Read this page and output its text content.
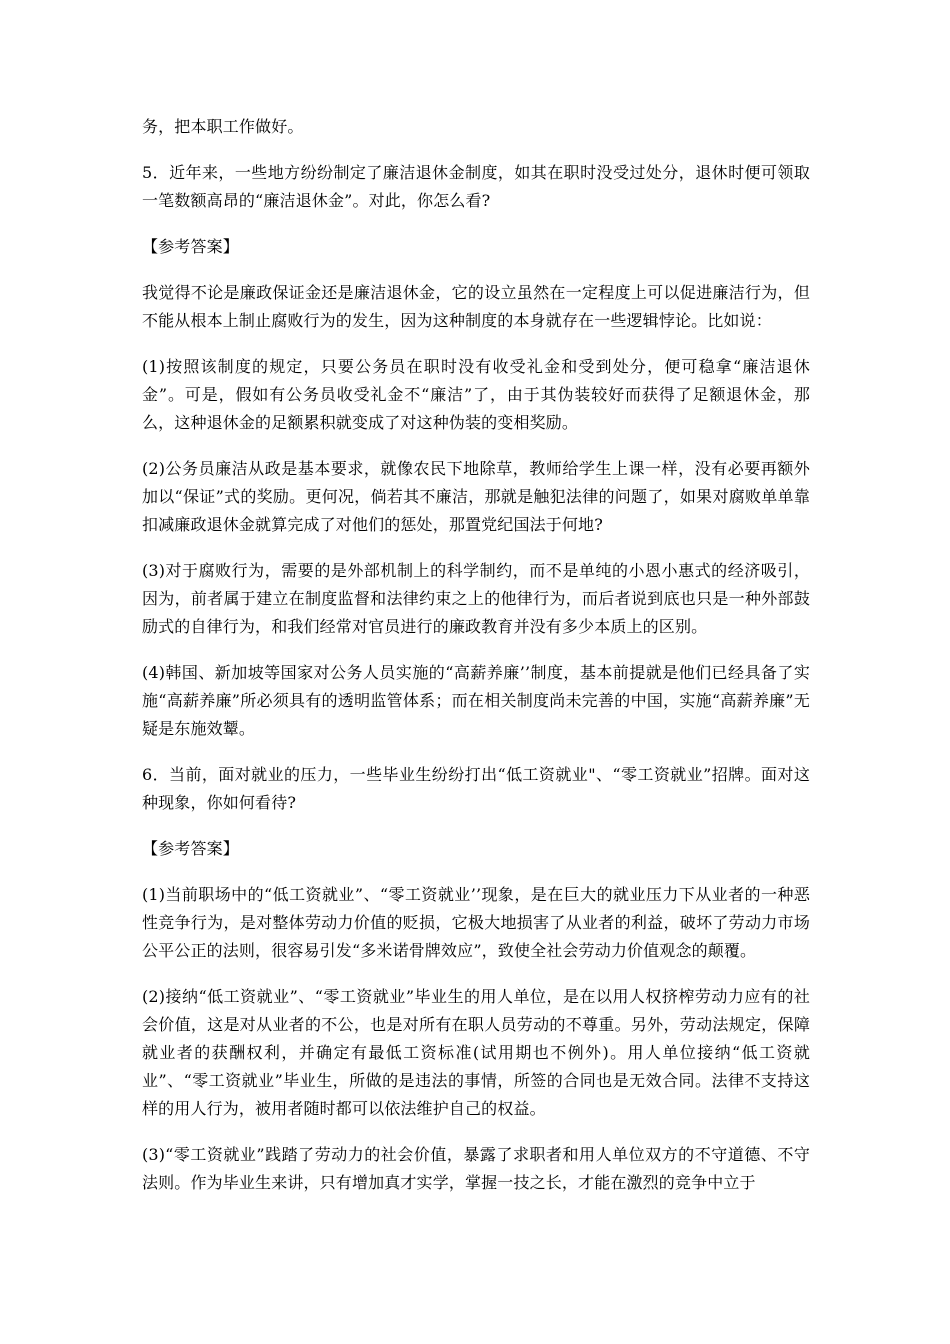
务，把本职工作做好。

5．近年来，一些地方纷纷制定了廉洁退休金制度，如其在职时没受过处分，退休时便可领取一笔数额高昂的“廉洁退休金”。对此，你怎么看?

【参考答案】

我觉得不论是廉政保证金还是廉洁退休金，它的设立虽然在一定程度上可以促进廉洁行为，但不能从根本上制止腐败行为的发生，因为这种制度的本身就存在一些逻辑悖论。比如说：

(1)按照该制度的规定，只要公务员在职时没有收受礼金和受到处分，便可稳拿“廉洁退休金”。可是，假如有公务员收受礼金不“廉洁”了，由于其伪装较好而获得了足额退休金，那么，这种退休金的足额累积就变成了对这种伪装的变相奖励。

(2)公务员廉洁从政是基本要求，就像农民下地除草，教师给学生上课一样，没有必要再额外加以“保证”式的奖励。更何况，倘若其不廉洁，那就是触犯法律的问题了，如果对腐败单单靠扣减廉政退休金就算完成了对他们的惩处，那置党纪国法于何地?

(3)对于腐败行为，需要的是外部机制上的科学制约，而不是单纯的小恩小惠式的经济吸引，因为，前者属于建立在制度监督和法律约束之上的他律行为，而后者说到底也只是一种外部鼓励式的自律行为，和我们经常对官员进行的廉政教育并没有多少本质上的区别。

(4)韩国、新加坡等国家对公务人员实施的“高薪养廉’’制度，基本前提就是他们已经具备了实施“高薪养廉”所必须具有的透明监管体系；而在相关制度尚未完善的中国，实施“高薪养廉”无疑是东施效颦。

6．当前，面对就业的压力，一些毕业生纷纷打出“低工资就业"、“零工资就业”招牌。面对这种现象，你如何看待?

【参考答案】

(1)当前职场中的“低工资就业”、“零工资就业’’现象，是在巨大的就业压力下从业者的一种恶性竞争行为，是对整体劳动力价值的贬损，它极大地损害了从业者的利益，破坏了劳动力市场公平公正的法则，很容易引发“多米诺骨牌效应”，致使全社会劳动力价值观念的颠覆。

(2)接纳“低工资就业”、“零工资就业”毕业生的用人单位，是在以用人权挤榨劳动力应有的社会价值，这是对从业者的不公，也是对所有在职人员劳动的不尊重。另外，劳动法规定，保障就业者的获酬权利，并确定有最低工资标准(试用期也不例外)。用人单位接纳“低工资就业”、“零工资就业”毕业生，所做的是违法的事情，所签的合同也是无效合同。法律不支持这样的用人行为，被用者随时都可以依法维护自己的权益。

(3)“零工资就业”践踏了劳动力的社会价值，暴露了求职者和用人单位双方的不守道德、不守法则。作为毕业生来讲，只有增加真才实学，掌握一技之长，才能在激烈的竞争中立于
